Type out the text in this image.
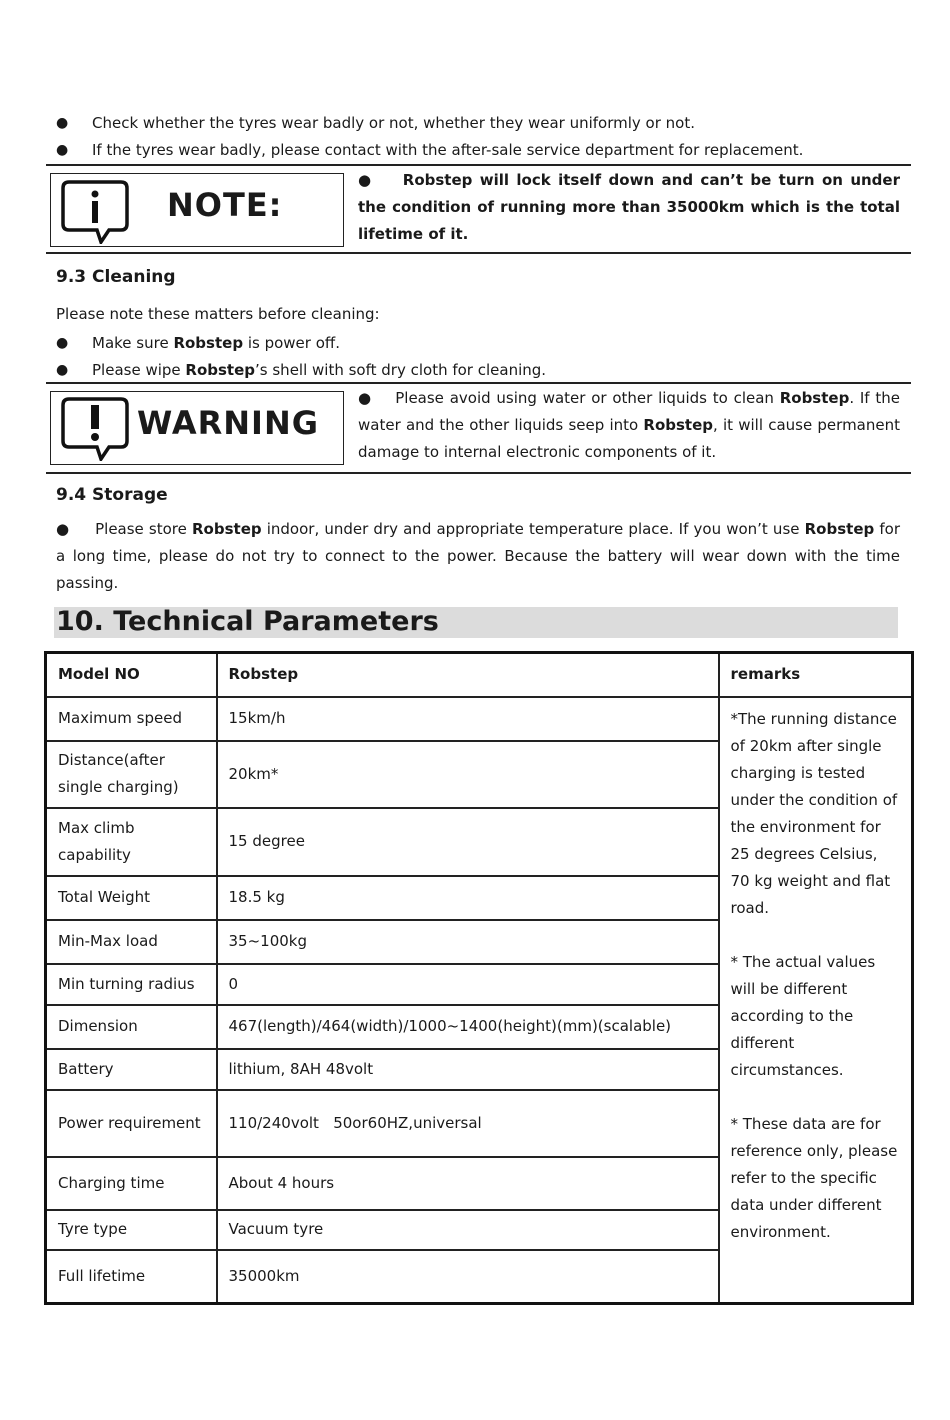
●	Check whether the tyres wear badly or not, whether they wear uniformly or not.
●	If the tyres wear badly, please contact with the after-sale service department for replacement.
NOTE:
●    Robstep will lock itself down and can’t be turn on under the condition of running more than 35000km which is the total lifetime of it.
9.3 Cleaning
Please note these matters before cleaning:
●	Make sure Robstep is power off.
●	Please wipe Robstep’s shell with soft dry cloth for cleaning.
WARNING
●    Please avoid using water or other liquids to clean Robstep. If the water and the other liquids seep into Robstep, it will cause permanent damage to internal electronic components of it.
9.4 Storage
●     Please store Robstep indoor, under dry and appropriate temperature place. If you won’t use Robstep for a long time, please do not try to connect to the power. Because the battery will wear down with the time passing.
10. Technical Parameters
Model NO	Robstep	remarks
Maximum speed	15km/h	*The running distance of 20km after single charging is tested under the condition of the environment for 25 degrees Celsius, 70 kg weight and flat road.
* The actual values will be different according to the different circumstances.
* These data are for reference only, please refer to the specific data under different environment.

Distance(after single charging)	20km*	
Max climb capability	15 degree	
Total Weight	18.5 kg	
Min-Max load	35~100kg	
Min turning radius	0	
Dimension	467(length)/464(width)/1000~1400(height)(mm)(scalable)	
Battery	lithium, 8AH 48volt	
Power requirement	110/240volt   50or60HZ,universal	
Charging time	About 4 hours	
Tyre type	Vacuum tyre	
Full lifetime	35000km	
